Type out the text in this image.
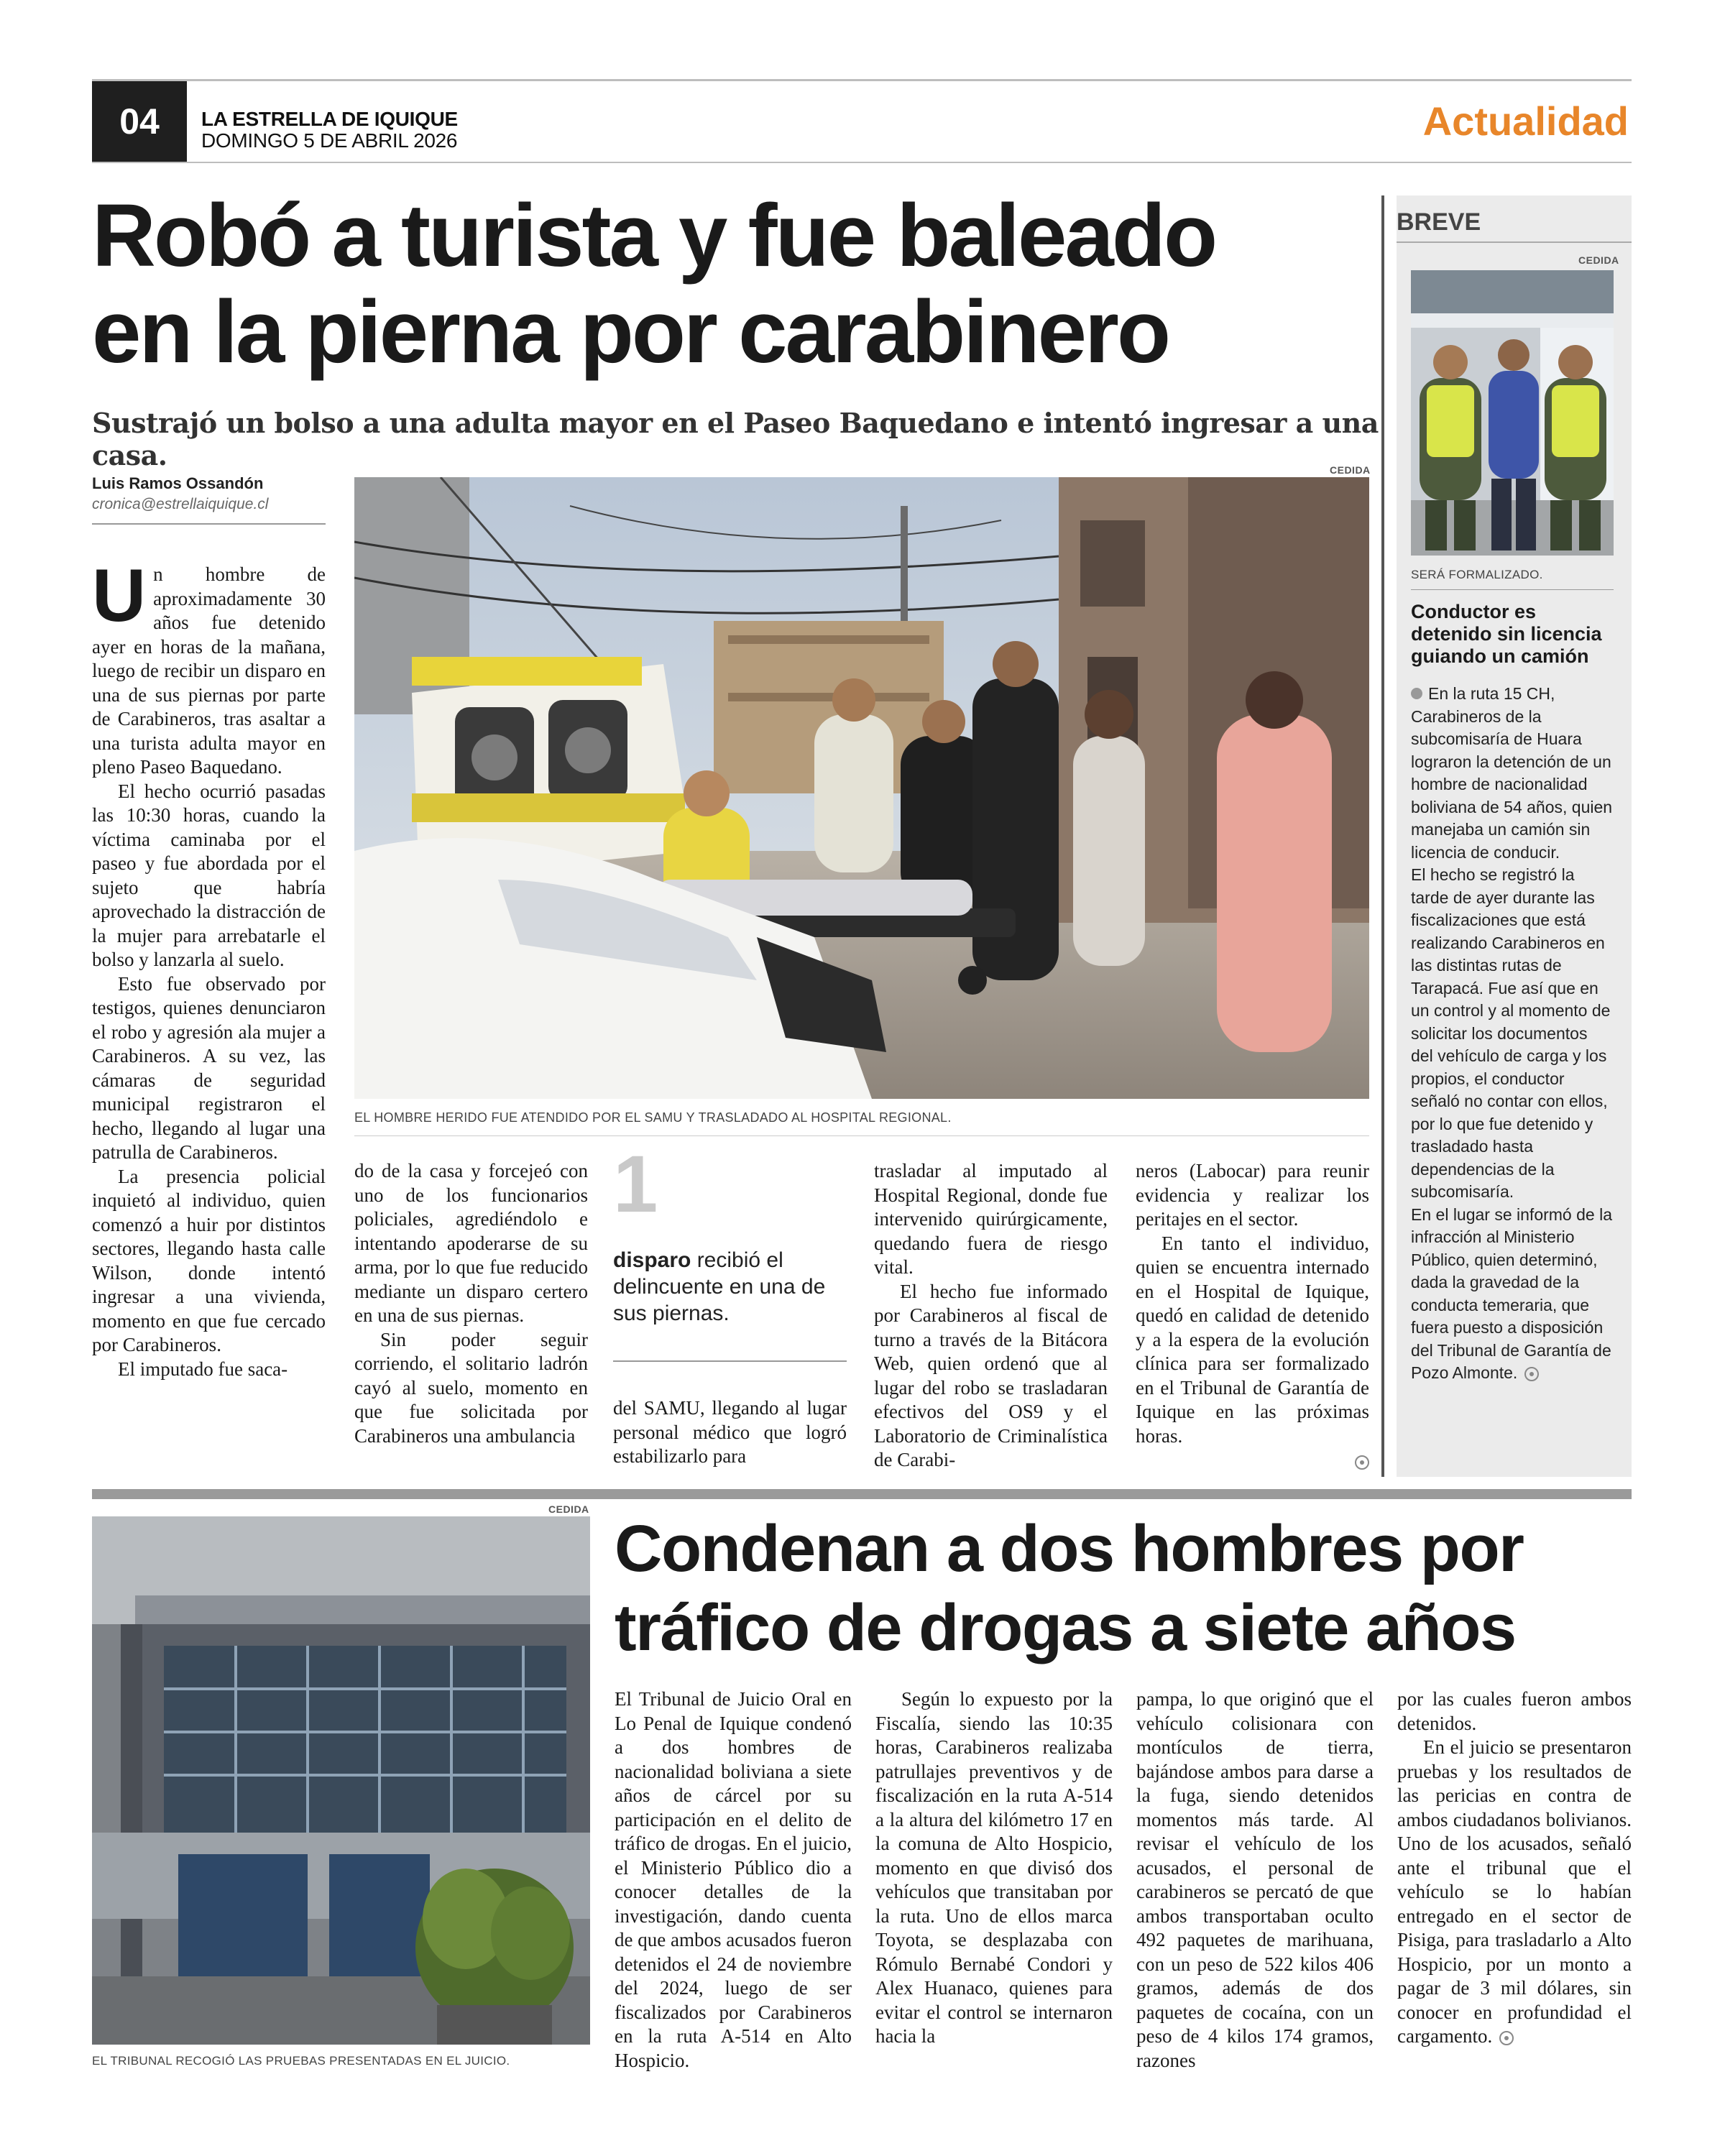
04 LA ESTRELLA DE IQUIQUE
DOMINGO 5 DE ABRIL 2026	Actualidad
Robó a turista y fue baleado
en la pierna por carabinero
Sustrajó un bolso a una adulta mayor en el Paseo Baquedano e intentó ingresar a una casa.
Luis Ramos Ossandón
cronica@estrellaiquique.cl
CEDIDA
EL HOMBRE HERIDO FUE ATENDIDO POR EL SAMU Y TRASLADADO AL HOSPITAL REGIONAL.
U n hombre de aproximadamente 30 años fue detenido ayer en horas de la mañana, luego de recibir un disparo en una de sus piernas por parte de Carabineros, tras asaltar a una turista adulta mayor en pleno Paseo Baquedano.

El hecho ocurrió pasadas las 10:30 horas, cuando la víctima caminaba por el paseo y fue abordada por el sujeto que habría aprovechado la distracción de la mujer para arrebatarle el bolso y lanzarla al suelo.

Esto fue observado por testigos, quienes denunciaron el robo y agresión ala mujer a Carabineros. A su vez, las cámaras de seguridad municipal registraron el hecho, llegando al lugar una patrulla de Carabineros.

La presencia policial inquietó al individuo, quien comenzó a huir por distintos sectores, llegando hasta calle Wilson, donde intentó ingresar a una vivienda, momento en que fue cercado por Carabineros.

El imputado fue saca-

do de la casa y forcejeó con uno de los funcionarios policiales, agrediéndolo e intentando apoderarse de su arma, por lo que fue reducido mediante un disparo certero en una de sus piernas.

Sin poder seguir corriendo, el solitario ladrón cayó al suelo, momento en que fue solicitada por Carabineros una ambulancia

1
disparo recibió el delincuente en una de sus piernas.

del SAMU, llegando al lugar personal médico que logró estabilizarlo para

trasladar al imputado al Hospital Regional, donde fue intervenido quirúrgicamente, quedando fuera de riesgo vital.

El hecho fue informado por Carabineros al fiscal de turno a través de la Bitácora Web, quien ordenó que al lugar del robo se trasladaran efectivos del OS9 y el Laboratorio de Criminalística de Carabi-

neros (Labocar) para reunir evidencia y realizar los peritajes en el sector.

En tanto el individuo, quien se encuentra internado en el Hospital de Iquique, quedó en calidad de detenido y a la espera de la evolución clínica para ser formalizado en el Tribunal de Garantía de Iquique en las próximas horas.

BREVE
CEDIDA
SERÁ FORMALIZADO.
Conductor es detenido sin licencia guiando un camión

En la ruta 15 CH, Carabineros de la subcomisaría de Huara lograron la detención de un hombre de nacionalidad boliviana de 54 años, quien manejaba un camión sin licencia de conducir.

El hecho se registró la tarde de ayer durante las fiscalizaciones que está realizando Carabineros en las distintas rutas de Tarapacá. Fue así que en un control y al momento de solicitar los documentos del vehículo de carga y los propios, el conductor señaló no contar con ellos, por lo que fue detenido y trasladado hasta dependencias de la subcomisaría.

En el lugar se informó de la infracción al Ministerio Público, quien determinó, dada la gravedad de la conducta temeraria, que fuera puesto a disposición del Tribunal de Garantía de Pozo Almonte.

CEDIDA
EL TRIBUNAL RECOGIÓ LAS PRUEBAS PRESENTADAS EN EL JUICIO.
Condenan a dos hombres por
tráfico de drogas a siete años

El Tribunal de Juicio Oral en Lo Penal de Iquique condenó a dos hombres de nacionalidad boliviana a siete años de cárcel por su participación en el delito de tráfico de drogas. En el juicio, el Ministerio Público dio a conocer detalles de la investigación, dando cuenta de que ambos acusados fueron detenidos el 24 de noviembre del 2024, luego de ser fiscalizados por Carabineros en la ruta A-514 en Alto Hospicio.

Según lo expuesto por la Fiscalía, siendo las 10:35 horas, Carabineros realizaba patrullajes preventivos y de fiscalización en la ruta A-514 a la altura del kilómetro 17 en la comuna de Alto Hospicio, momento en que divisó dos vehículos que transitaban por la ruta. Uno de ellos marca Toyota, se desplazaba con Rómulo Bernabé Condori y Alex Huanaco, quienes para evitar el control se internaron hacia la

pampa, lo que originó que el vehículo colisionara con montículos de tierra, bajándose ambos para darse a la fuga, siendo detenidos momentos más tarde. Al revisar el vehículo de los acusados, el personal de carabineros se percató de que ambos transportaban oculto 492 paquetes de marihuana, con un peso de 522 kilos 406 gramos, además de dos paquetes de cocaína, con un peso de 4 kilos 174 gramos, razones

por las cuales fueron ambos detenidos.

En el juicio se presentaron pruebas y los resultados de las pericias en contra de ambos ciudadanos bolivianos. Uno de los acusados, señaló ante el tribunal que el vehículo se lo habían entregado en el sector de Pisiga, para trasladarlo a Alto Hospicio, por un monto a pagar de 3 mil dólares, sin conocer en profundidad el cargamento.
